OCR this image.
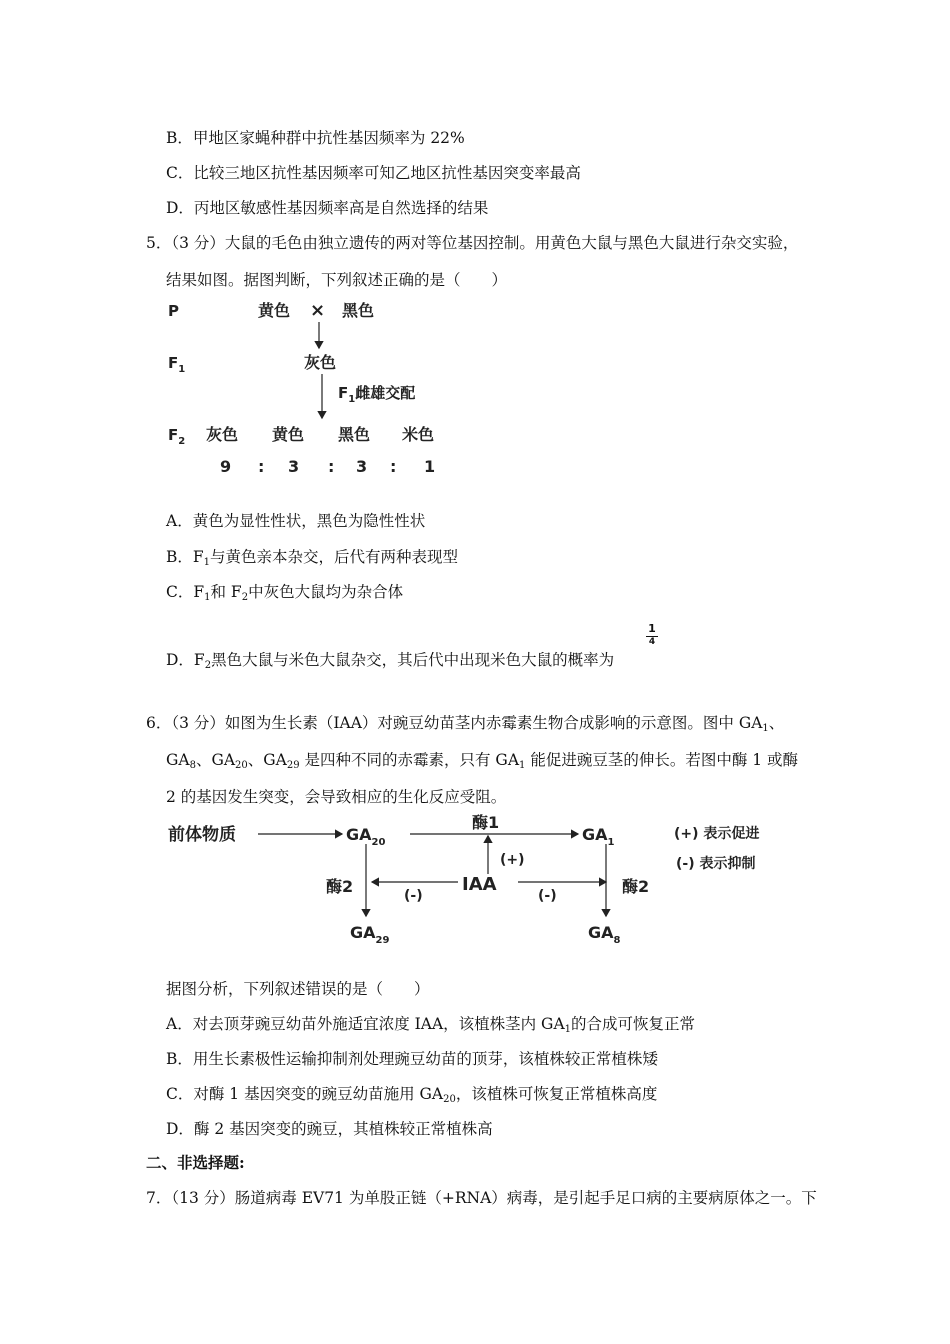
B．甲地区家蝇种群中抗性基因频率为 22%
C．比较三地区抗性基因频率可知乙地区抗性基因突变率最高
D．丙地区敏感性基因频率高是自然选择的结果
5．（3 分）大鼠的毛色由独立遗传的两对等位基因控制。用黄色大鼠与黑色大鼠进行杂交实验，
结果如图。据图判断，下列叙述正确的是（　　）
P	黄色 × 黑色
$F_1$	灰色
$F_1$雌雄交配
$F_2$ 灰色 黄色 黑色 米色
9 : 3 : 3 : 1
A．黄色为显性性状，黑色为隐性性状
B．$F_1$与黄色亲本杂交，后代有两种表现型
C．$F_1$和 $F_2$中灰色大鼠均为杂合体
D．$F_2$黑色大鼠与米色大鼠杂交，其后代中出现米色大鼠的概率为
1
4
6．（3 分）如图为生长素（IAA）对豌豆幼苗茎内赤霉素生物合成影响的示意图。图中 $GA_1$、
$GA_8$、$GA_{20}$、$GA_{29}$ 是四种不同的赤霉素，只有 $GA_1$ 能促进豌豆茎的伸长。若图中酶 1 或酶
2 的基因发生突变，会导致相应的生化反应受阻。
前体物质	$GA_{20}$
酶1
$GA_1$
(+) 表示促进
(-) 表示抑制
(+)
IAA
(-)	(-)
酶2	酶2
$GA_{29}$	$GA_8$
据图分析，下列叙述错误的是（　　）
A．对去顶芽豌豆幼苗外施适宜浓度 IAA，该植株茎内 $GA_1$的合成可恢复正常
B．用生长素极性运输抑制剂处理豌豆幼苗的顶芽，该植株较正常植株矮
C．对酶 1 基因突变的豌豆幼苗施用 $GA_{20}$，该植株可恢复正常植株高度
D．酶 2 基因突变的豌豆，其植株较正常植株高
二、非选择题:
7．（13 分）肠道病毒 EV71 为单股正链（+RNA）病毒，是引起手足口病的主要病原体之一。下
